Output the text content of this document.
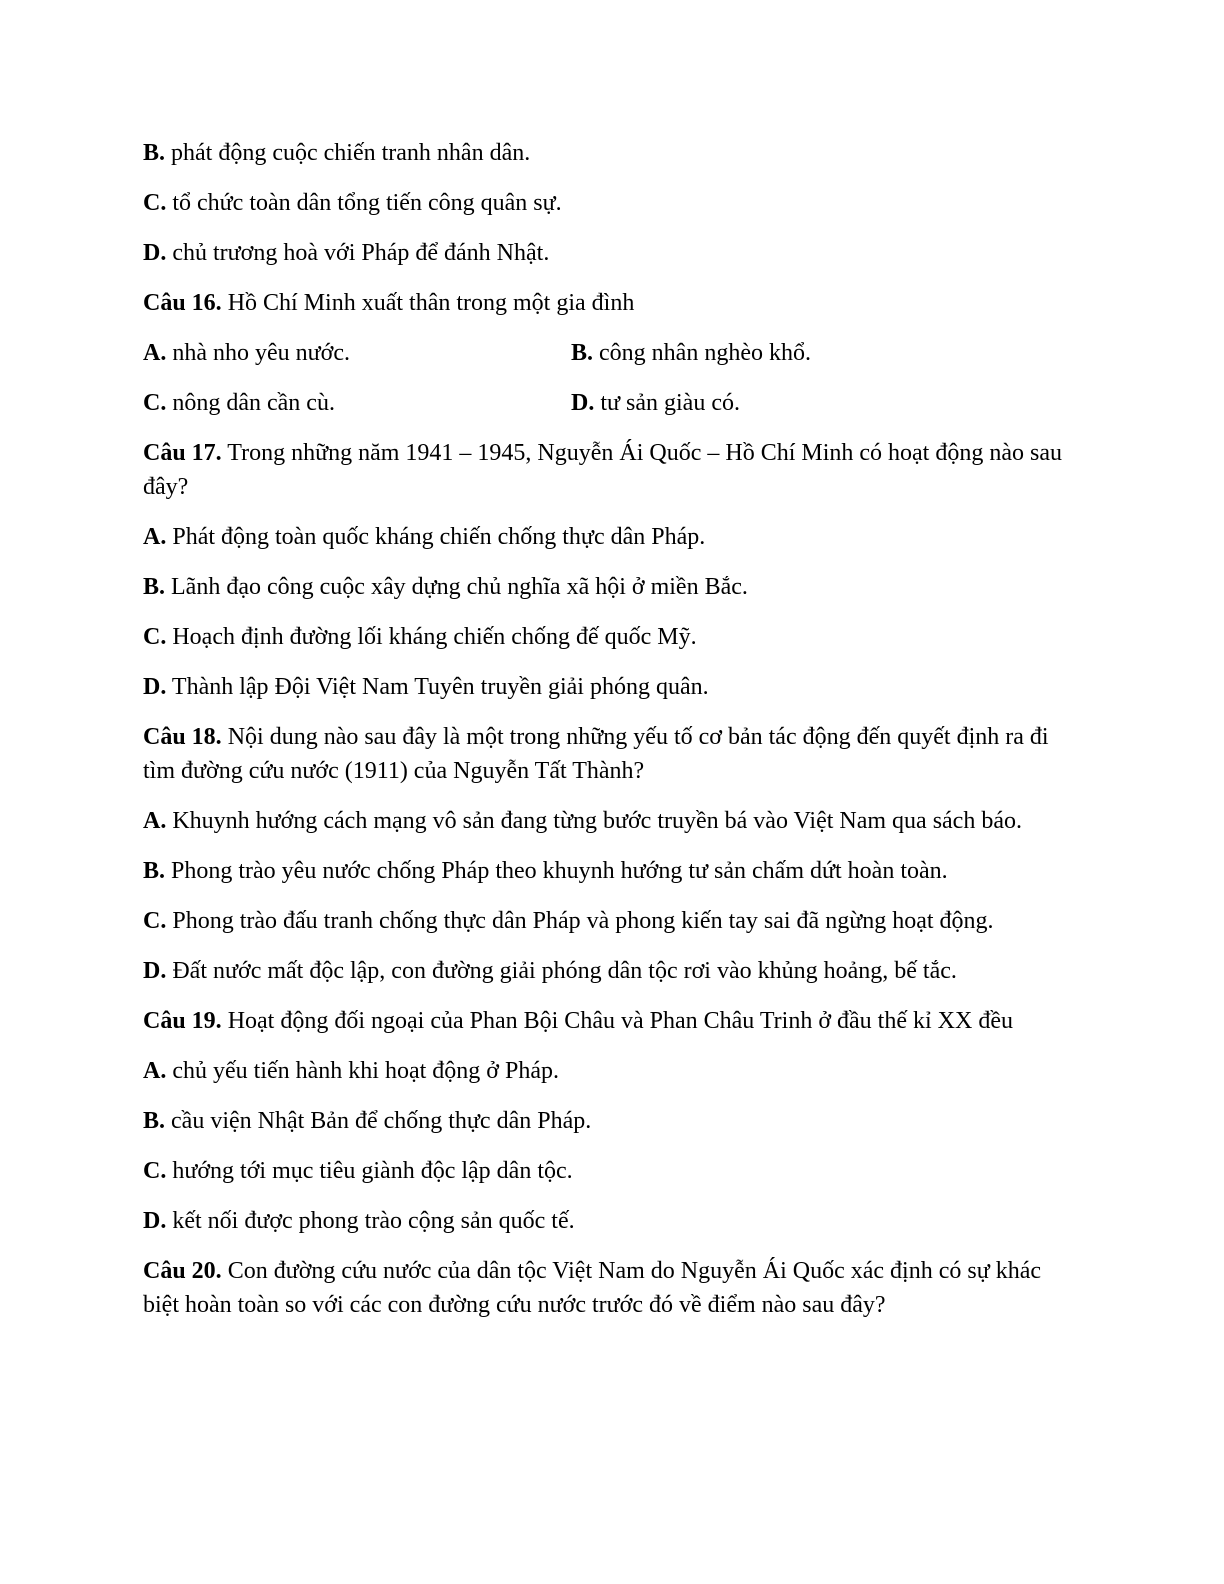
B. phát động cuộc chiến tranh nhân dân.
C. tổ chức toàn dân tổng tiến công quân sự.
D. chủ trương hoà với Pháp để đánh Nhật.
Câu 16. Hồ Chí Minh xuất thân trong một gia đình
A. nhà nho yêu nước.	B. công nhân nghèo khổ.
C. nông dân cần cù.	D. tư sản giàu có.
Câu 17. Trong những năm 1941 – 1945, Nguyễn Ái Quốc – Hồ Chí Minh có hoạt động nào sau đây?
A. Phát động toàn quốc kháng chiến chống thực dân Pháp.
B. Lãnh đạo công cuộc xây dựng chủ nghĩa xã hội ở miền Bắc.
C. Hoạch định đường lối kháng chiến chống đế quốc Mỹ.
D. Thành lập Đội Việt Nam Tuyên truyền giải phóng quân.
Câu 18. Nội dung nào sau đây là một trong những yếu tố cơ bản tác động đến quyết định ra đi tìm đường cứu nước (1911) của Nguyễn Tất Thành?
A. Khuynh hướng cách mạng vô sản đang từng bước truyền bá vào Việt Nam qua sách báo.
B. Phong trào yêu nước chống Pháp theo khuynh hướng tư sản chấm dứt hoàn toàn.
C. Phong trào đấu tranh chống thực dân Pháp và phong kiến tay sai đã ngừng hoạt động.
D. Đất nước mất độc lập, con đường giải phóng dân tộc rơi vào khủng hoảng, bế tắc.
Câu 19. Hoạt động đối ngoại của Phan Bội Châu và Phan Châu Trinh ở đầu thế kỉ XX đều
A. chủ yếu tiến hành khi hoạt động ở Pháp.
B. cầu viện Nhật Bản để chống thực dân Pháp.
C. hướng tới mục tiêu giành độc lập dân tộc.
D. kết nối được phong trào cộng sản quốc tế.
Câu 20. Con đường cứu nước của dân tộc Việt Nam do Nguyễn Ái Quốc xác định có sự khác biệt hoàn toàn so với các con đường cứu nước trước đó về điểm nào sau đây?
